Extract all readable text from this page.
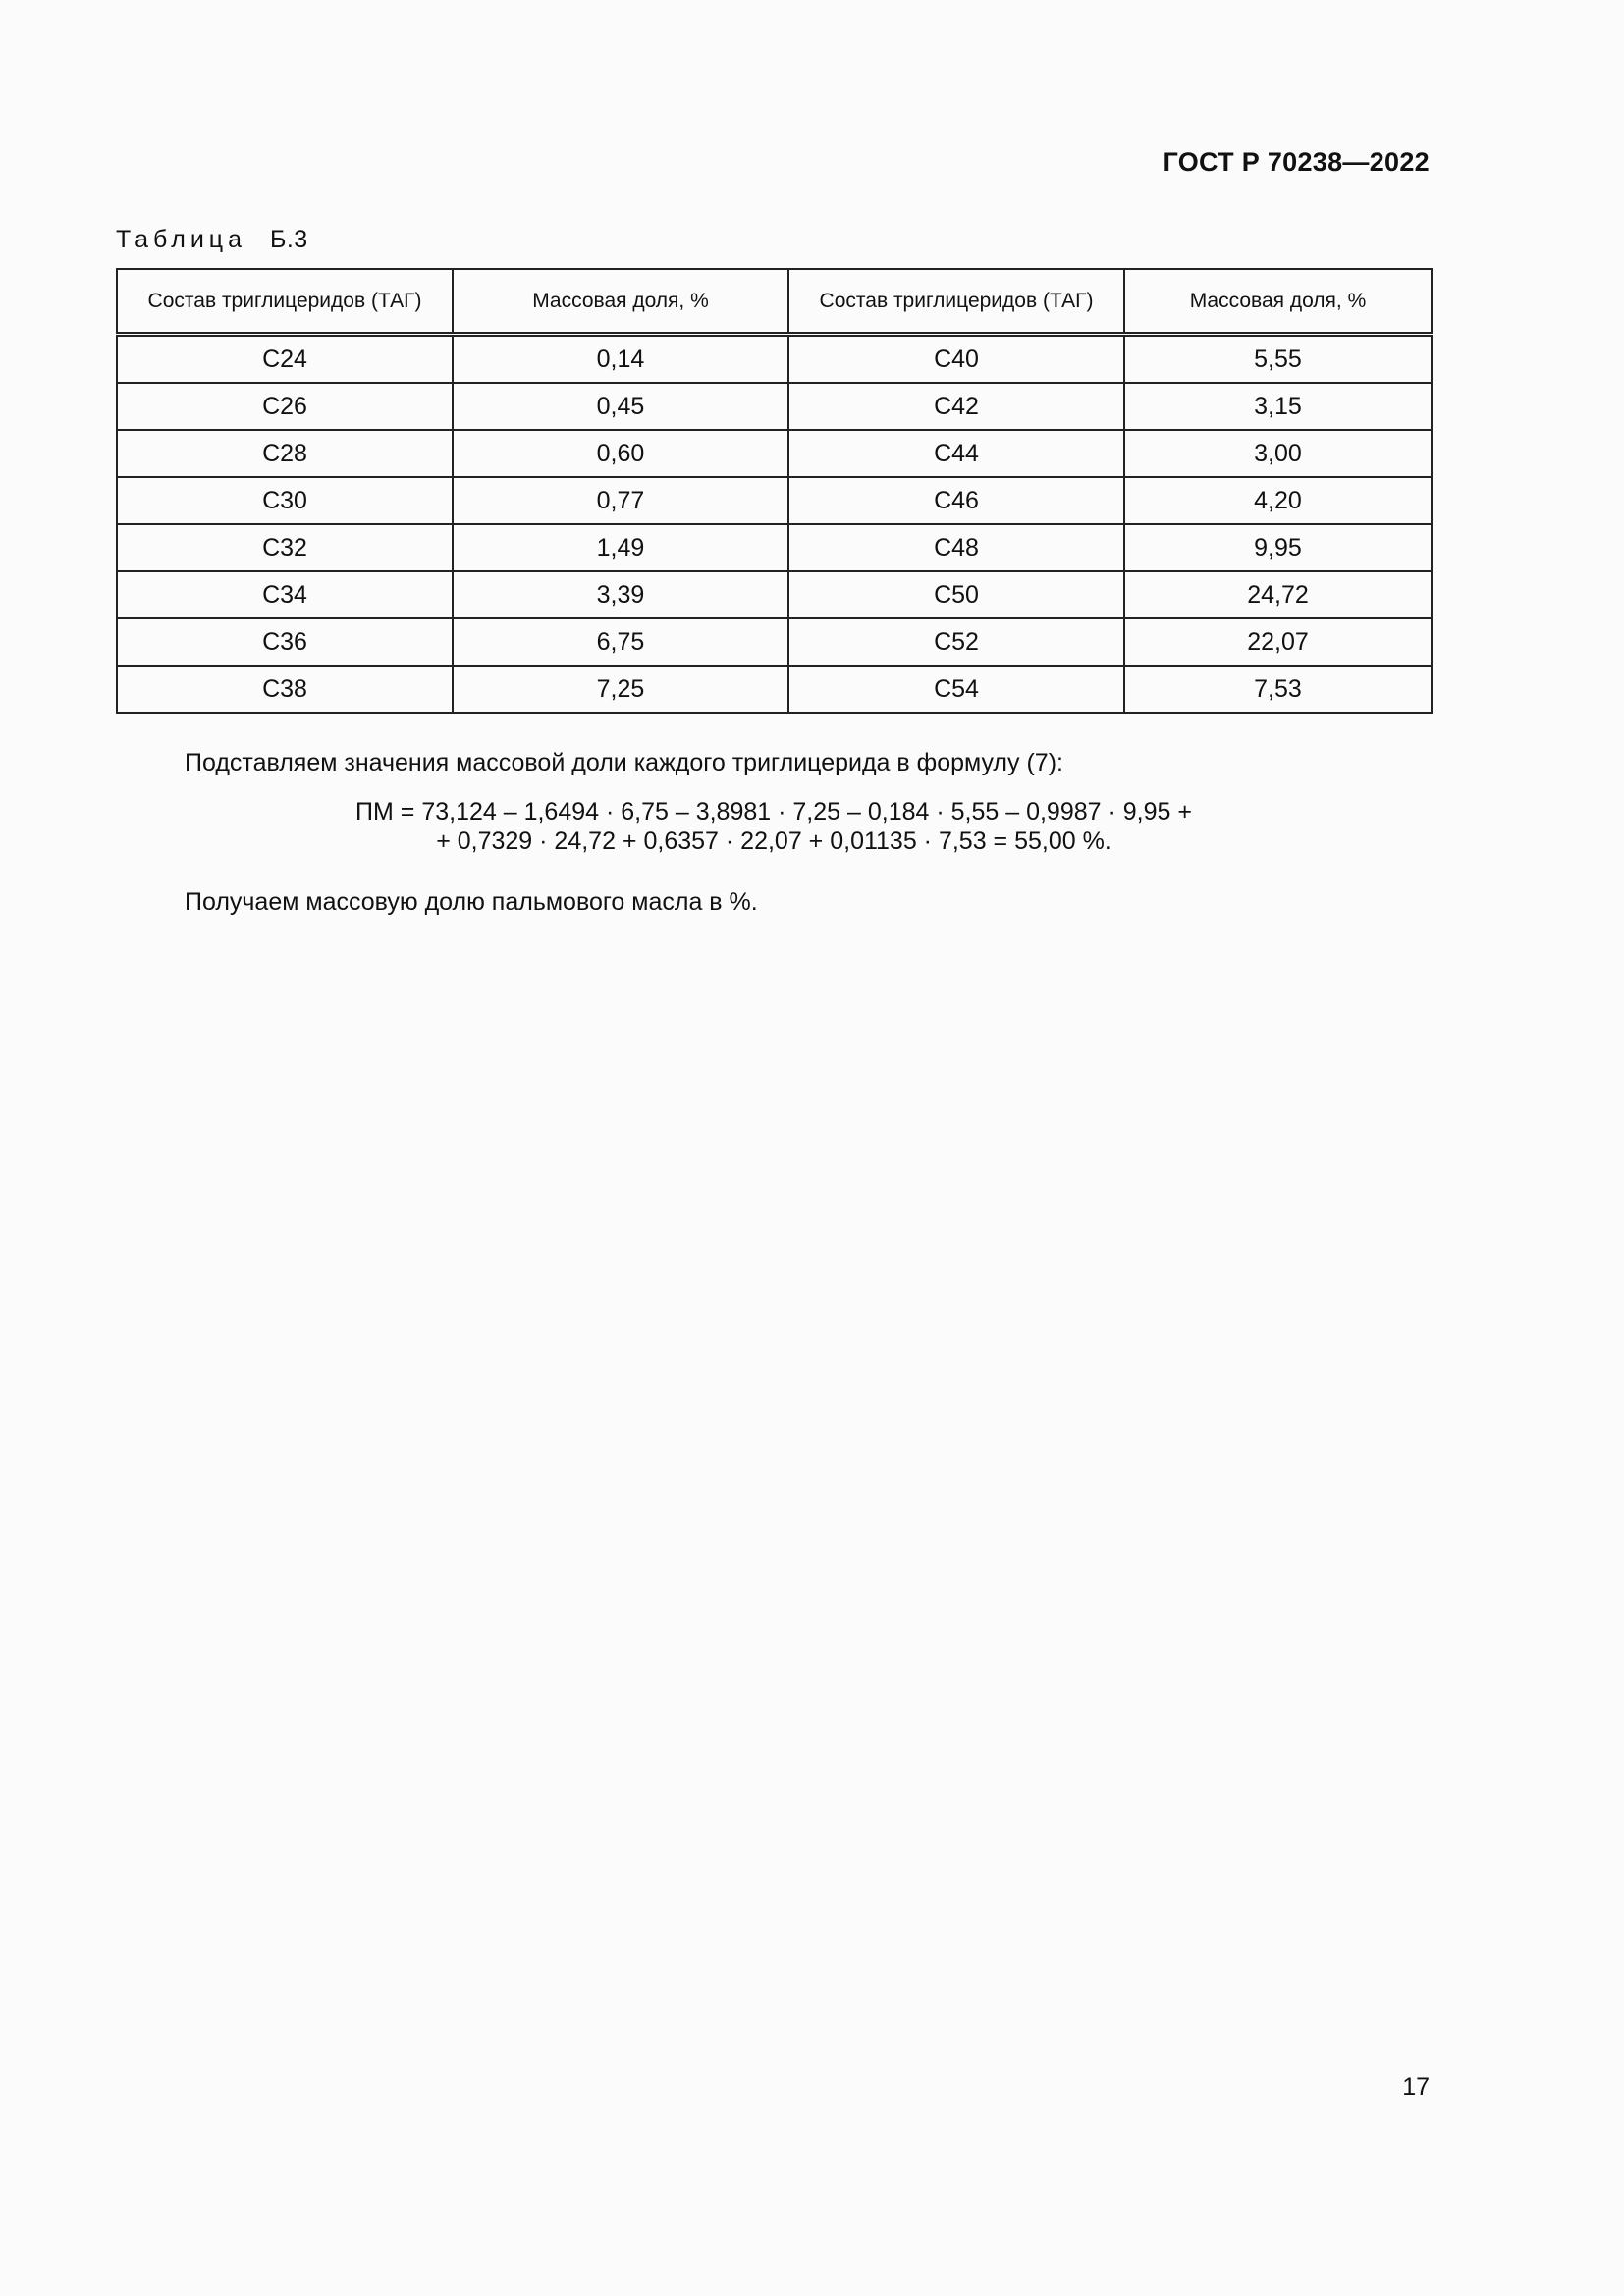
ГОСТ Р 70238—2022
Таблица Б.3
Состав триглицеридов (ТАГ)	Массовая доля, %	Состав триглицеридов (ТАГ)	Массовая доля, %
С24	0,14	С40	5,55
С26	0,45	С42	3,15
С28	0,60	С44	3,00
С30	0,77	С46	4,20
С32	1,49	С48	9,95
С34	3,39	С50	24,72
С36	6,75	С52	22,07
С38	7,25	С54	7,53
Подставляем значения массовой доли каждого триглицерида в формулу (7):
ПМ = 73,124 – 1,6494 · 6,75 – 3,8981 · 7,25 – 0,184 · 5,55 – 0,9987 · 9,95 +
+ 0,7329 · 24,72 + 0,6357 · 22,07 + 0,01135 · 7,53 = 55,00 %.
Получаем массовую долю пальмового масла в %.
17
